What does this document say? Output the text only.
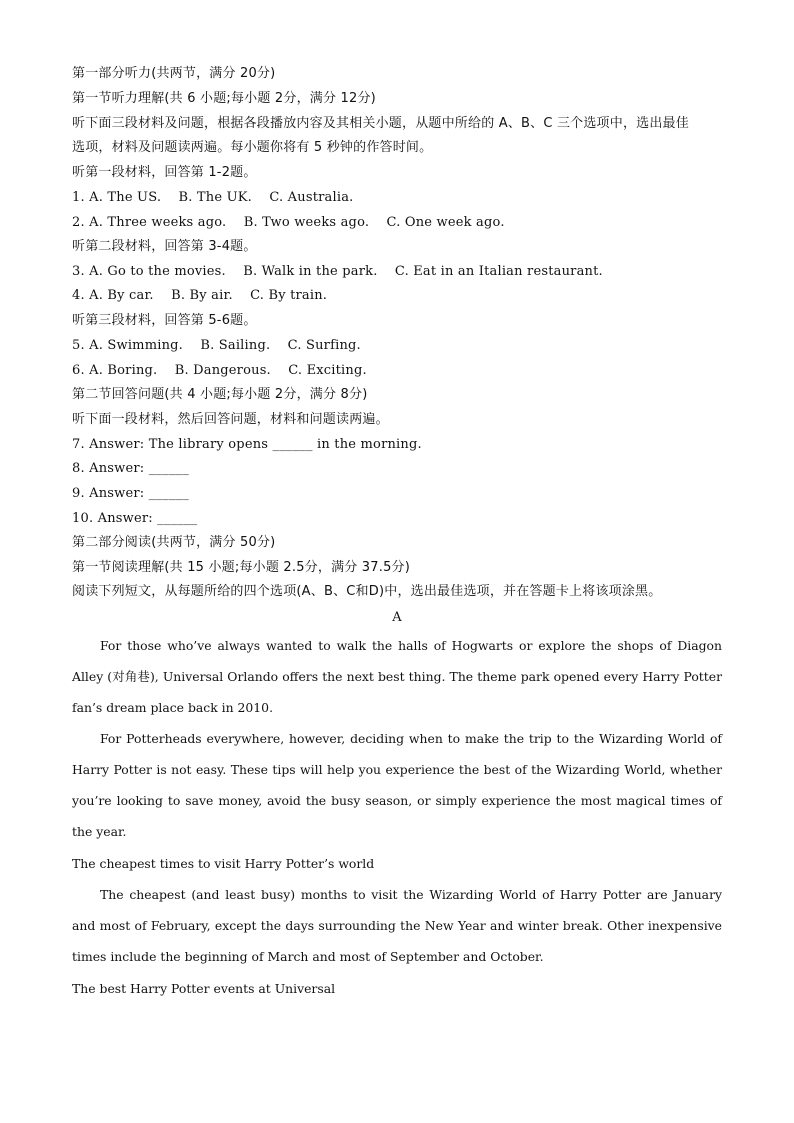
第一部分听力(共两节，满分 20分)
第一节听力理解(共 6 小题;每小题 2分，满分 12分)
听下面三段材料及问题，根据各段播放内容及其相关小题，从题中所给的 A、B、C 三个选项中，选出最佳
选项，材料及问题读两遍。每小题你将有 5 秒钟的作答时间。
听第一段材料，回答第 1-2题。
1. A. The US.    B. The UK.    C. Australia.
2. A. Three weeks ago.    B. Two weeks ago.    C. One week ago.
听第二段材料，回答第 3-4题。
3. A. Go to the movies.    B. Walk in the park.    C. Eat in an Italian restaurant.
4. A. By car.    B. By air.    C. By train.
听第三段材料，回答第 5-6题。
5. A. Swimming.    B. Sailing.    C. Surfing.
6. A. Boring.    B. Dangerous.    C. Exciting.
第二节回答问题(共 4 小题;每小题 2分，满分 8分)
听下面一段材料，然后回答问题，材料和问题读两遍。
7. Answer: The library opens ______ in the morning.
8. Answer: ______
9. Answer: ______
10. Answer: ______
第二部分阅读(共两节，满分 50分)
第一节阅读理解(共 15 小题;每小题 2.5分，满分 37.5分)
阅读下列短文，从每题所给的四个选项(A、B、C和D)中，选出最佳选项，并在答题卡上将该项涂黑。
A
For those who’ve always wanted to walk the halls of Hogwarts or explore the shops of Diagon Alley (对角巷), Universal Orlando offers the next best thing. The theme park opened every Harry Potter fan’s dream place back in 2010.
For Potterheads everywhere, however, deciding when to make the trip to the Wizarding World of Harry Potter is not easy. These tips will help you experience the best of the Wizarding World, whether you’re looking to save money, avoid the busy season, or simply experience the most magical times of the year.
The cheapest times to visit Harry Potter’s world
The cheapest (and least busy) months to visit the Wizarding World of Harry Potter are January and most of February, except the days surrounding the New Year and winter break. Other inexpensive times include the beginning of March and most of September and October.
The best Harry Potter events at Universal
